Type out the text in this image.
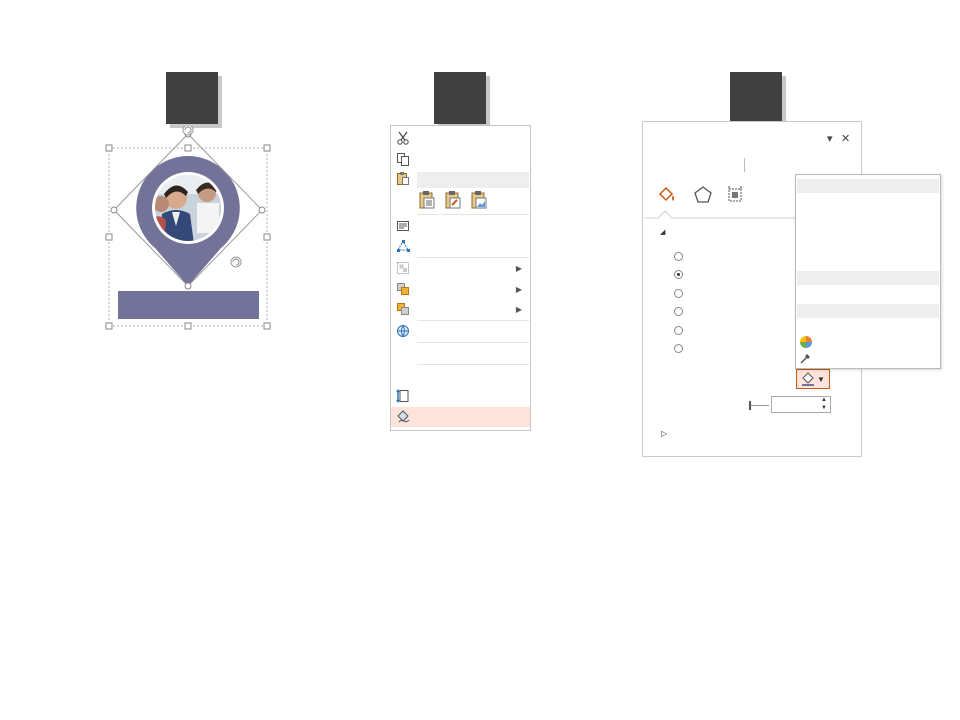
▶
▶
▶
▾ ✕
◢
▼
▲
▼
▷
